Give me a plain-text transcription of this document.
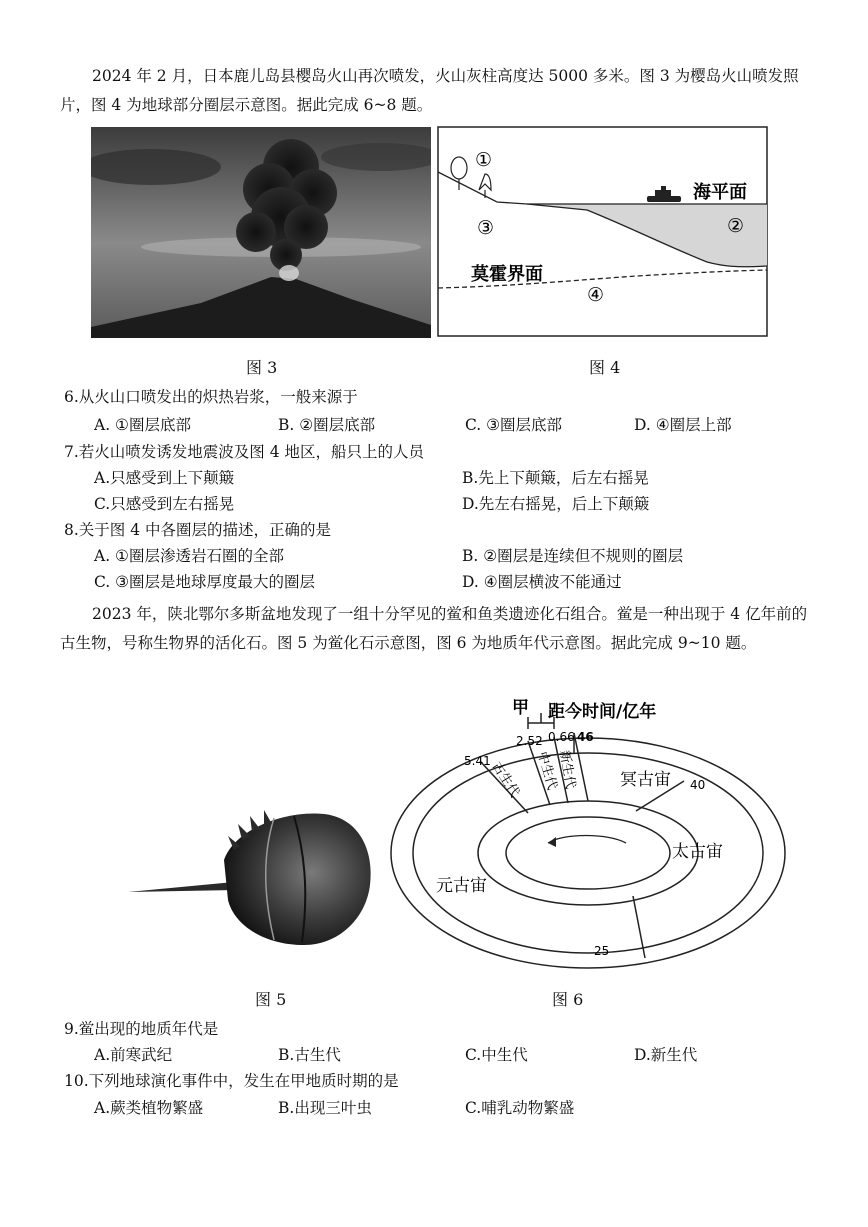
2024 年 2 月，日本鹿儿岛县樱岛火山再次喷发，火山灰柱高度达 5000 多米。图 3 为樱岛火山喷发照片，图 4 为地球部分圈层示意图。据此完成 6~8 题。

图 3
①
②
③
④
海平面
莫霍界面
图 4

6.从火山口喷发出的炽热岩浆，一般来源于

A. ①圈层底部	B. ②圈层底部	C. ③圈层底部	D. ④圈层上部

7.若火山喷发诱发地震波及图 4 地区，船只上的人员

A.只感受到上下颠簸	B.先上下颠簸，后左右摇晃

C.只感受到左右摇晃	D.先左右摇晃，后上下颠簸

8.关于图 4 中各圈层的描述，正确的是

A. ①圈层渗透岩石圈的全部	B. ②圈层是连续但不规则的圈层

C. ③圈层是地球厚度最大的圈层	D. ④圈层横波不能通过

2023 年，陕北鄂尔多斯盆地发现了一组十分罕见的鲎和鱼类遗迹化石组合。鲎是一种出现于 4 亿年前的古生物，号称生物界的活化石。图 5 为鲎化石示意图，图 6 为地质年代示意图。据此完成 9~10 题。

图 5
甲 距今时间/亿年
5.41
2.52 0.66 46
40
25
古生代 中生代
新生代 冥古宙
太古宙
元古宙
图 6

9.鲎出现的地质年代是

A.前寒武纪	B.古生代	C.中生代	D.新生代

10.下列地球演化事件中，发生在甲地质时期的是

A.蕨类植物繁盛	B.出现三叶虫	C.哺乳动物繁盛
